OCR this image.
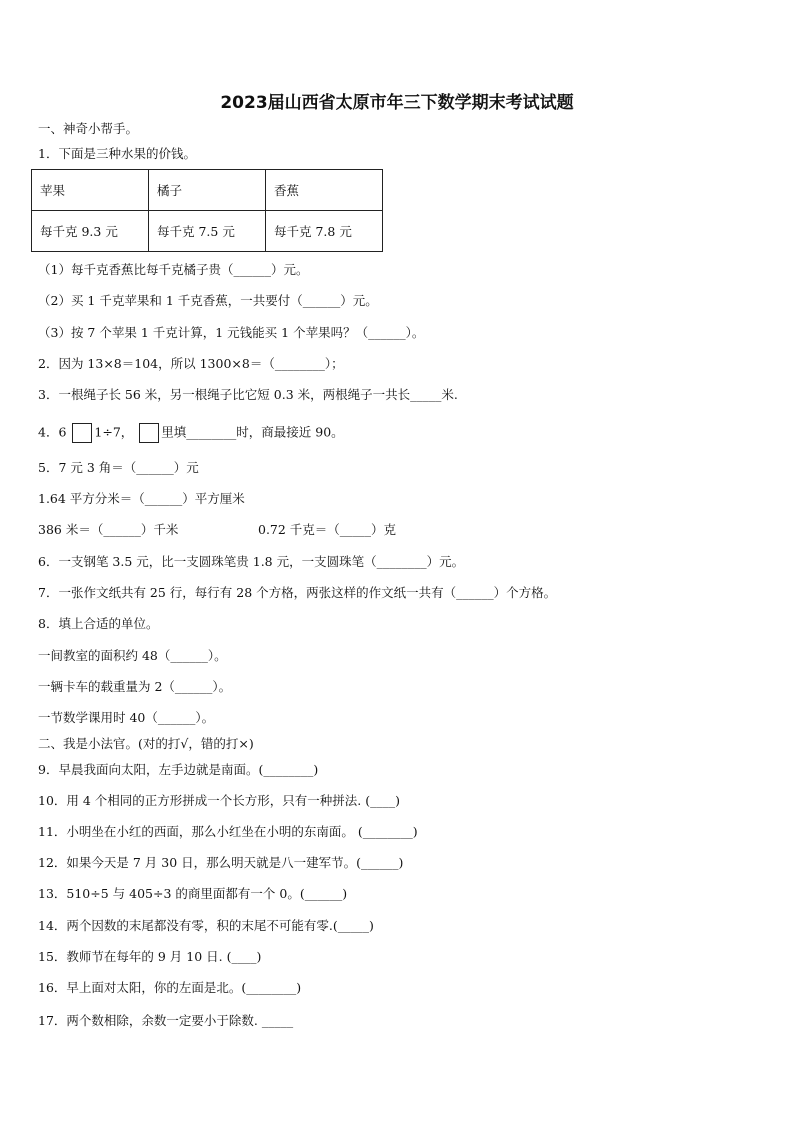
2023届山西省太原市年三下数学期末考试试题
一、神奇小帮手。
1．下面是三种水果的价钱。
苹果	橘子	香蕉
每千克 9.3 元	每千克 7.5 元	每千克 7.8 元
（1）每千克香蕉比每千克橘子贵（______）元。
（2）买 1 千克苹果和 1 千克香蕉，一共要付（______）元。
（3）按 7 个苹果 1 千克计算，1 元钱能买 1 个苹果吗？（______）。
2．因为 13×8＝104，所以 1300×8＝（________）；
3．一根绳子长 56 米，另一根绳子比它短 0.3 米，两根绳子一共长_____米.
4．6 1÷7， 里填________时，商最接近 90。
5．7 元 3 角＝（______）元
1.64 平方分米＝（______）平方厘米
386 米＝（______）千米	0.72 千克＝（_____）克
6．一支钢笔 3.5 元，比一支圆珠笔贵 1.8 元，一支圆珠笔（________）元。
7．一张作文纸共有 25 行，每行有 28 个方格，两张这样的作文纸一共有（______）个方格。
8．填上合适的单位。
一间教室的面积约 48（______）。
一辆卡车的载重量为 2（______）。
一节数学课用时 40（______）。
二、我是小法官。(对的打√，错的打×)
9．早晨我面向太阳，左手边就是南面。(________)
10．用 4 个相同的正方形拼成一个长方形，只有一种拼法. (____)
11．小明坐在小红的西面，那么小红坐在小明的东南面。 (________)
12．如果今天是 7 月 30 日，那么明天就是八一建军节。(______)
13．510÷5 与 405÷3 的商里面都有一个 0。(______)
14．两个因数的末尾都没有零，积的末尾不可能有零.(_____)
15．教师节在每年的 9 月 10 日. (____)
16．早上面对太阳，你的左面是北。(________)
17．两个数相除，余数一定要小于除数. _____
